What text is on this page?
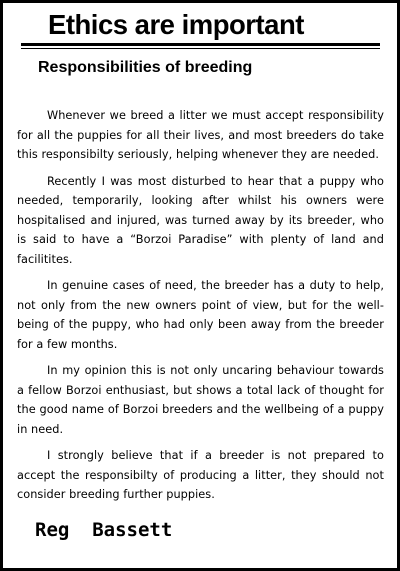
Ethics are important
Responsibilities of breeding

Whenever we breed a litter we must accept responsibility for all the puppies for all their lives, and most breeders do take this responsibilty seriously, helping whenever they are needed.

Recently I was most disturbed to hear that a puppy who needed, temporarily, looking after whilst his owners were hospitalised and injured, was turned away by its breeder, who is said to have a “Borzoi Paradise” with plenty of land and facilitites.

In genuine cases of need, the breeder has a duty to help, not only from the new owners point of view, but for the well-being of the puppy, who had only been away from the breeder for a few months.

In my opinion this is not only uncaring behaviour towards a fellow Borzoi enthusiast, but shows a total lack of thought for the good name of Borzoi breeders and the wellbeing of a puppy in need.

I strongly believe that if a breeder is not prepared to accept the responsibilty of producing a litter, they should not consider breeding further puppies.

Reg  Bassett
